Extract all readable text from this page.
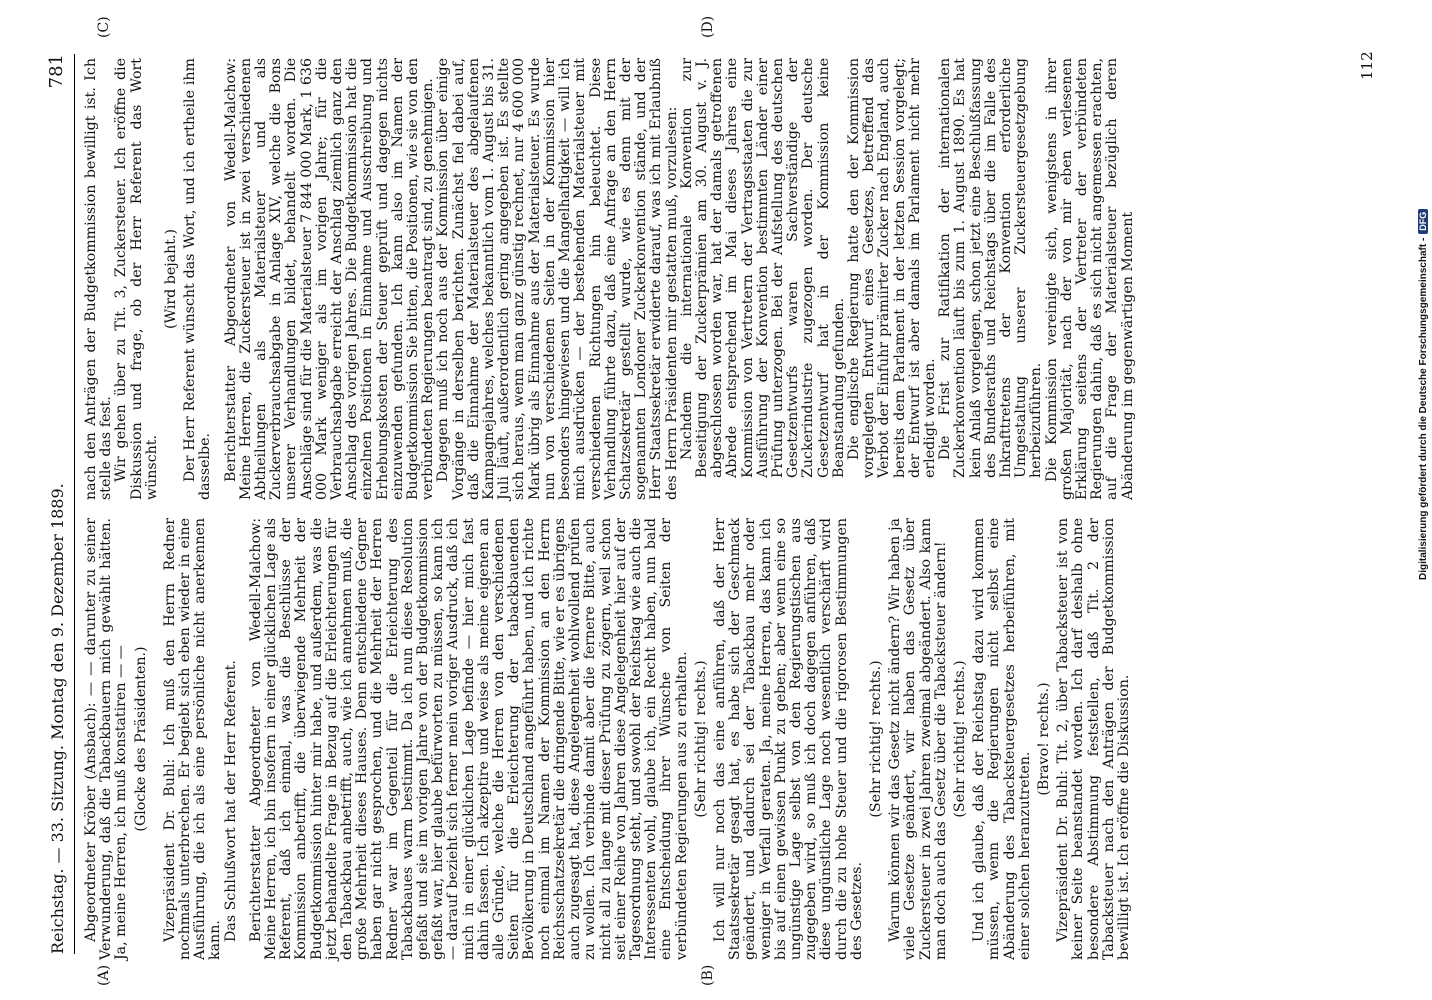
Reichstag. — 33. Sitzung. Montag den 9. Dezember 1889.
781
(A)	(B)
(C)	(D)

Abgeordneter Kröber (Ansbach): — — darunter zu seiner Verwunderung, daß die Tabackbauern mich gewählt hätten. Ja, meine Herren, ich muß konstatiren — — (Glocke des Präsidenten.) Vizepräsident Dr. Buhl: Ich muß den Herrn Redner nochmals unterbrechen. Er begiebt sich eben wieder in eine Ausführung, die ich als eine persönliche nicht anerkennen kann. Das Schlußwort hat der Herr Referent. Berichterstatter Abgeordneter von Wedell-Malchow: Meine Herren, ich bin insofern in einer glücklichen Lage als Referent, daß ich einmal, was die Beschlüsse der Kommission anbetrifft, die überwiegende Mehrheit der Budgetkommission hinter mir habe, und außerdem, was die jetzt behandelte Frage in Bezug auf die Erleichterungen für den Tabackbau anbetrifft, auch, wie ich annehmen muß, die große Mehrheit dieses Hauses. Denn entschiedene Gegner haben gar nicht gesprochen, und die Mehrheit der Herren Redner war im Gegenteil für die Erleichterung des Tabackbaues warm bestimmt. Da ich nun diese Resolution gefaßt und sie im vorigen Jahre von der Budgetkommission gefaßt war, hier glaube befürworten zu müssen, so kann ich — darauf bezieht sich ferner mein voriger Ausdruck, daß ich mich in einer glücklichen Lage befinde — hier mich fast dahin fassen. Ich akzeptire und weise als meine eigenen an alle Gründe, welche die Herren von den verschiedenen Seiten für die Erleichterung der tabackbauenden Bevölkerung in Deutschland angeführt haben, und ich richte noch einmal im Namen der Kommission an den Herrn Reichsschatzsekretär die dringende Bitte, wie er es übrigens auch zugesagt hat, diese Angelegenheit wohlwollend prüfen zu wollen. Ich verbinde damit aber die fernere Bitte, auch nicht all zu lange mit dieser Prüfung zu zögern, weil schon seit einer Reihe von Jahren diese Angelegenheit hier auf der Tagesordnung steht, und sowohl der Reichstag wie auch die Interessenten wohl, glaube ich, ein Recht haben, nun bald eine Entscheidung ihrer Wünsche von Seiten der verbündeten Regierungen aus zu erhalten. (Sehr richtig! rechts.) Ich will nur noch das eine anführen, daß der Herr Staatssekretär gesagt hat, es habe sich der Geschmack geändert, und dadurch sei der Tabackbau mehr oder weniger in Verfall geraten. Ja, meine Herren, das kann ich bis auf einen gewissen Punkt zu geben; aber wenn eine so ungünstige Lage selbst von den Regierungstischen aus zugegeben wird, so muß ich doch dagegen anführen, daß diese ungünstliche Lage noch wesentlich verschärft wird durch die zu hohe Steuer und die rigorosen Bestimmungen des Gesetzes.

(Sehr richtig! rechts.) Warum können wir das Gesetz nicht ändern? Wir haben ja viele Gesetze geändert, wir haben das Gesetz über Zuckersteuer in zwei Jahren zweimal abgeändert. Also kann man doch auch das Gesetz über die Tabacksteuer ändern! (Sehr richtig! rechts.) Und ich glaube, daß der Reichstag dazu wird kommen müssen, wenn die Regierungen nicht selbst eine Abänderung des Tabacksteuergesetzes herbeiführen, mit einer solchen heranzutreten.

(Bravo! rechts.) Vizepräsident Dr. Buhl: Tit. 2, über Tabacksteuer ist von keiner Seite beanstandet worden. Ich darf deshalb ohne besondere Abstimmung feststellen, daß Tit. 2 der Tabacksteuer nach den Anträgen der Budgetkommission bewilligt ist. Ich eröffne die Diskussion.

nach den Anträgen der Budgetkommission bewilligt ist. Ich stelle das fest. Wir gehen über zu Tit. 3, Zuckersteuer. Ich eröffne die Diskussion und frage, ob der Herr Referent das Wort wünscht.

(Wird bejaht.) Der Herr Referent wünscht das Wort, und ich ertheile ihm dasselbe. Berichterstatter Abgeordneter von Wedell-Malchow: Meine Herren, die Zuckersteuer ist in zwei verschiedenen Abtheilungen als Materialsteuer und als Zuckerverbrauchsabgabe in Anlage XIV, welche die Bons unserer Verhandlungen bildet, behandelt worden. Die Anschläge sind für die Materialsteuer 7 844 000 Mark, 1 636 000 Mark weniger als im vorigen Jahre; für die Verbrauchsabgabe erreicht der Anschlag ziemlich ganz den Anschlag des vorigen Jahres. Die Budgetkommission hat die einzelnen Positionen in Einnahme und Ausschreibung und Erhebungskosten der Steuer geprüft und dagegen nichts einzuwenden gefunden. Ich kann also im Namen der Budgetkommission Sie bitten, die Positionen, wie sie von den verbündeten Regierungen beantragt sind, zu genehmigen. Dagegen muß ich noch aus der Kommission über einige Vorgänge in derselben berichten. Zunächst fiel dabei auf, daß die Einnahme der Materialsteuer des abgelaufenen Kampagnejahres, welches bekanntlich vom 1. August bis 31. Juli läuft, außerordentlich gering angegeben ist. Es stellte sich heraus, wenn man ganz günstig rechnet, nur 4 600 000 Mark übrig als Einnahme aus der Materialsteuer. Es wurde nun von verschiedenen Seiten in der Kommission hier besonders hingewiesen und die Mangelhaftigkeit — will ich mich ausdrücken — der bestehenden Materialsteuer mit verschiedenen Richtungen hin beleuchtet. Diese Verhandlung führte dazu, daß eine Anfrage an den Herrn Schatzsekretär gestellt wurde, wie es denn mit der sogenannten Londoner Zuckerkonvention stände, und der Herr Staatssekretär erwiderte darauf, was ich mit Erlaubniß des Herrn Präsidenten mir gestatten muß, vorzulesen: Nachdem die internationale Konvention zur Beseitigung der Zuckerprämien am 30. August v. J. abgeschlossen worden war, hat der damals getroffenen Abrede entsprechend im Mai dieses Jahres eine Kommission von Vertretern der Vertragsstaaten die zur Ausführung der Konvention bestimmten Länder einer Prüfung unterzogen. Bei der Aufstellung des deutschen Gesetzentwurfs waren Sachverständige der Zuckerindustrie zugezogen worden. Der deutsche Gesetzentwurf hat in der Kommission keine Beanstandung gefunden. Die englische Regierung hatte den der Kommission vorgelegten Entwurf eines Gesetzes, betreffend das Verbot der Einfuhr prämiirter Zucker nach England, auch bereits dem Parlament in der letzten Session vorgelegt; der Entwurf ist aber damals im Parlament nicht mehr erledigt worden. Die Frist zur Ratifikation der internationalen Zuckerkonvention läuft bis zum 1. August 1890. Es hat kein Anlaß vorgelegen, schon jetzt eine Beschlußfassung des Bundesraths und Reichstags über die im Falle des Inkrafttretens der Konvention erforderliche Umgestaltung unserer Zuckersteuergesetzgebung herbeizuführen. Die Kommission vereinigte sich, wenigstens in ihrer großen Majorität, nach der von mir eben verlesenen Erklärung seitens der Vertreter der verbündeten Regierungen dahin, daß es sich nicht angemessen erachten, auf die Frage der Materialsteuer bezüglich deren Abänderung im gegenwärtigen Moment

112
Digitalisierung gefördert durch die Deutsche Forschungsgemeinschaft -DFG
